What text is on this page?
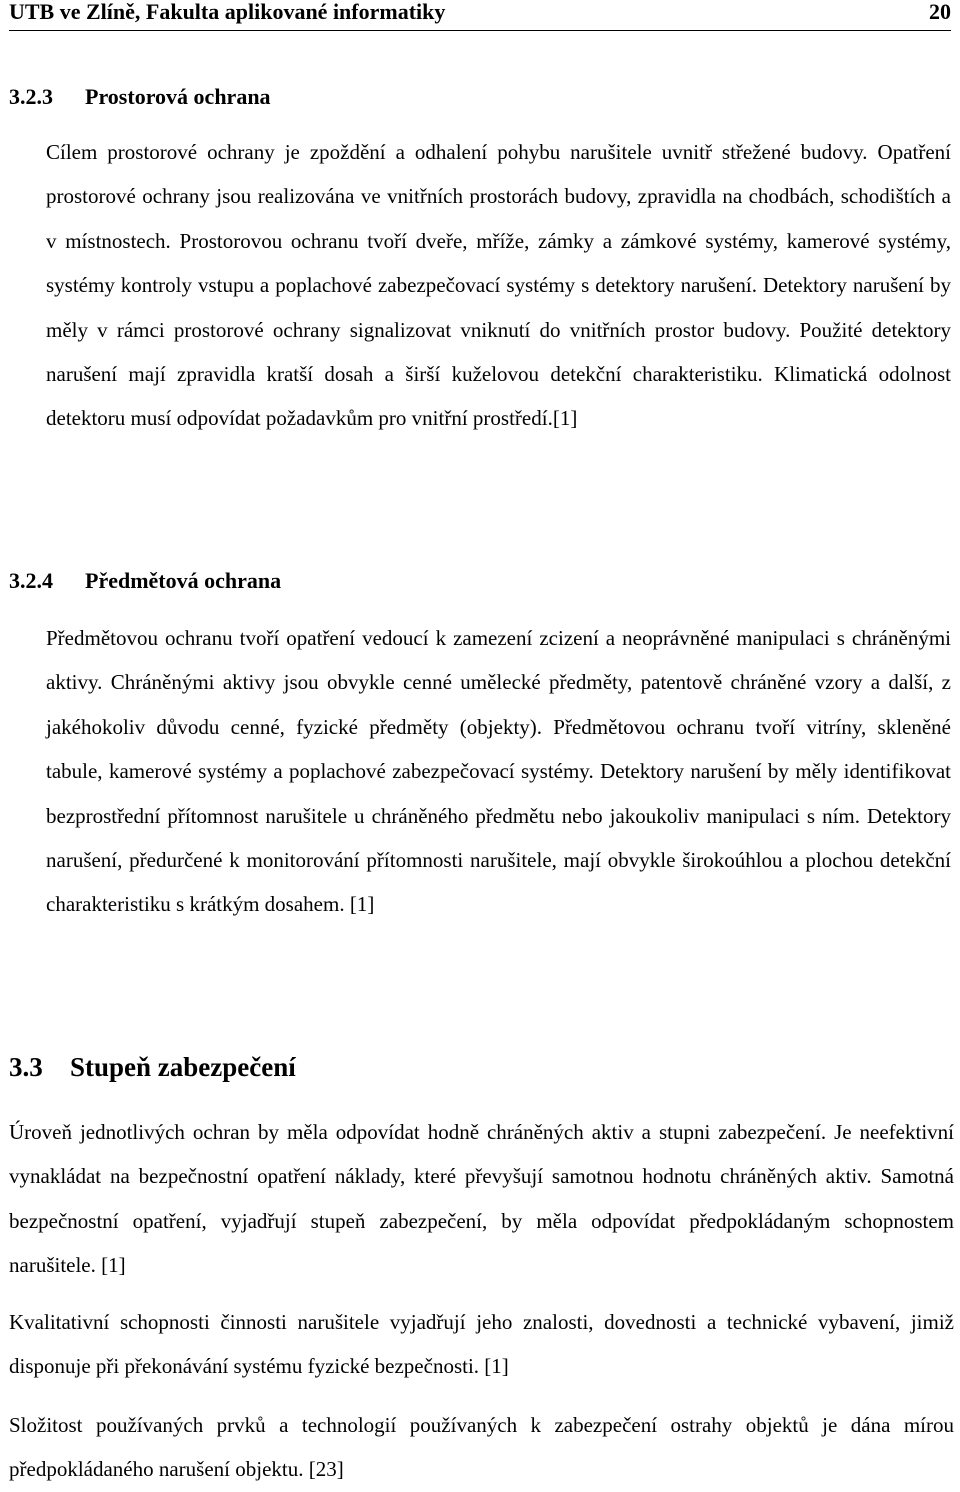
UTB ve Zlíně, Fakulta aplikované informatiky	20
3.2.3 Prostorová ochrana

Cílem prostorové ochrany je zpoždění a odhalení pohybu narušitele uvnitř střežené budovy. Opatření prostorové ochrany jsou realizována ve vnitřních prostorách budovy, zpravidla na chodbách, schodištích a v místnostech. Prostorovou ochranu tvoří dveře, mříže, zámky a zámkové systémy, kamerové systémy, systémy kontroly vstupu a poplachové zabezpečovací systémy s detektory narušení. Detektory narušení by měly v rámci prostorové ochrany signalizovat vniknutí do vnitřních prostor budovy. Použité detektory narušení mají zpravidla kratší dosah a širší kuželovou detekční charakteristiku. Klimatická odolnost detektoru musí odpovídat požadavkům pro vnitřní prostředí.[1]

3.2.4 Předmětová ochrana

Předmětovou ochranu tvoří opatření vedoucí k zamezení zcizení a neoprávněné manipulaci s chráněnými aktivy. Chráněnými aktivy jsou obvykle cenné umělecké předměty, patentově chráněné vzory a další, z jakéhokoliv důvodu cenné, fyzické předměty (objekty). Předmětovou ochranu tvoří vitríny, skleněné tabule, kamerové systémy a poplachové zabezpečovací systémy. Detektory narušení by měly identifikovat bezprostřední přítomnost narušitele u chráněného předmětu nebo jakoukoliv manipulaci s ním. Detektory narušení, předurčené k monitorování přítomnosti narušitele, mají obvykle širokoúhlou a plochou detekční charakteristiku s krátkým dosahem. [1]

3.3 Stupeň zabezpečení

Úroveň jednotlivých ochran by měla odpovídat hodně chráněných aktiv a stupni zabezpečení. Je neefektivní vynakládat na bezpečnostní opatření náklady, které převyšují samotnou hodnotu chráněných aktiv. Samotná bezpečnostní opatření, vyjadřují stupeň zabezpečení, by měla odpovídat předpokládaným schopnostem narušitele. [1]

Kvalitativní schopnosti činnosti narušitele vyjadřují jeho znalosti, dovednosti a technické vybavení, jimiž disponuje při překonávání systému fyzické bezpečnosti. [1]

Složitost používaných prvků a technologií používaných k zabezpečení ostrahy objektů je dána mírou předpokládaného narušení objektu. [23]
